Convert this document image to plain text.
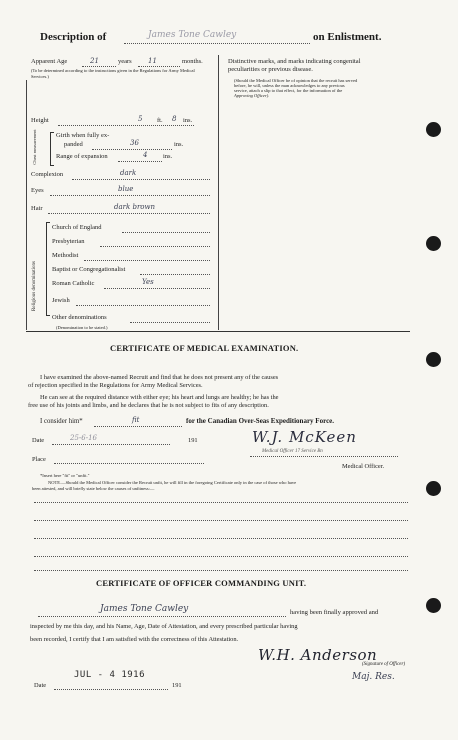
Description of	James Tone Cawley	on Enlistment.
Apparent Age	21	years 11	months.
(To be determined according to the instructions given in the Regulations for Army Medical Services.)
Height	5 ft. 8 ins.
Chest measurement	Girth when fully ex-
panded	36	ins.
Range of expansion	4 ins.
Complexion	dark
Eyes	blue
Hair	dark brown
Religious denominations
Church of England
Presbyterian
Methodist
Baptist or Congregationalist
Roman Catholic	Yes
Jewish
Other denominations
(Denomination to be stated.)
Distinctive marks, and marks indicating congenital
peculiarities or previous disease.
(Should the Medical Officer be of opinion that the recruit has served
before, he will, unless the man acknowledges to any previous
service, attach a slip to that effect, for the information of the
Approving Officer).
CERTIFICATE OF MEDICAL EXAMINATION.
I have examined the above-named Recruit and find that he does not present any of the causes
of rejection specified in the Regulations for Army Medical Services.
He can see at the required distance with either eye; his heart and lungs are healthy; he has the
free use of his joints and limbs, and he declares that he is not subject to fits of any description.
I consider him*	fit	for the Canadian Over-Seas Expeditionary Force.
Date	25-6-16	191	W.J. McKeen
Medical Officer 17 Service Bn
Place
Medical Officer.
*Insert here "fit" or "unfit."
NOTE.—Should the Medical Officer consider the Recruit unfit, he will fill in the foregoing Certificate only in the case of those who have
been attested, and will briefly state below the causes of unfitness:—
CERTIFICATE OF OFFICER COMMANDING UNIT.
James Tone Cawley	having been finally approved and
inspected by me this day, and his Name, Age, Date of Attestation, and every prescribed particular having
been recorded, I certify that I am satisfied with the correctness of this Attestation.
W.H. Anderson
(Signature of Officer)
Maj. Res.
JUL - 4 1916
Date	191
